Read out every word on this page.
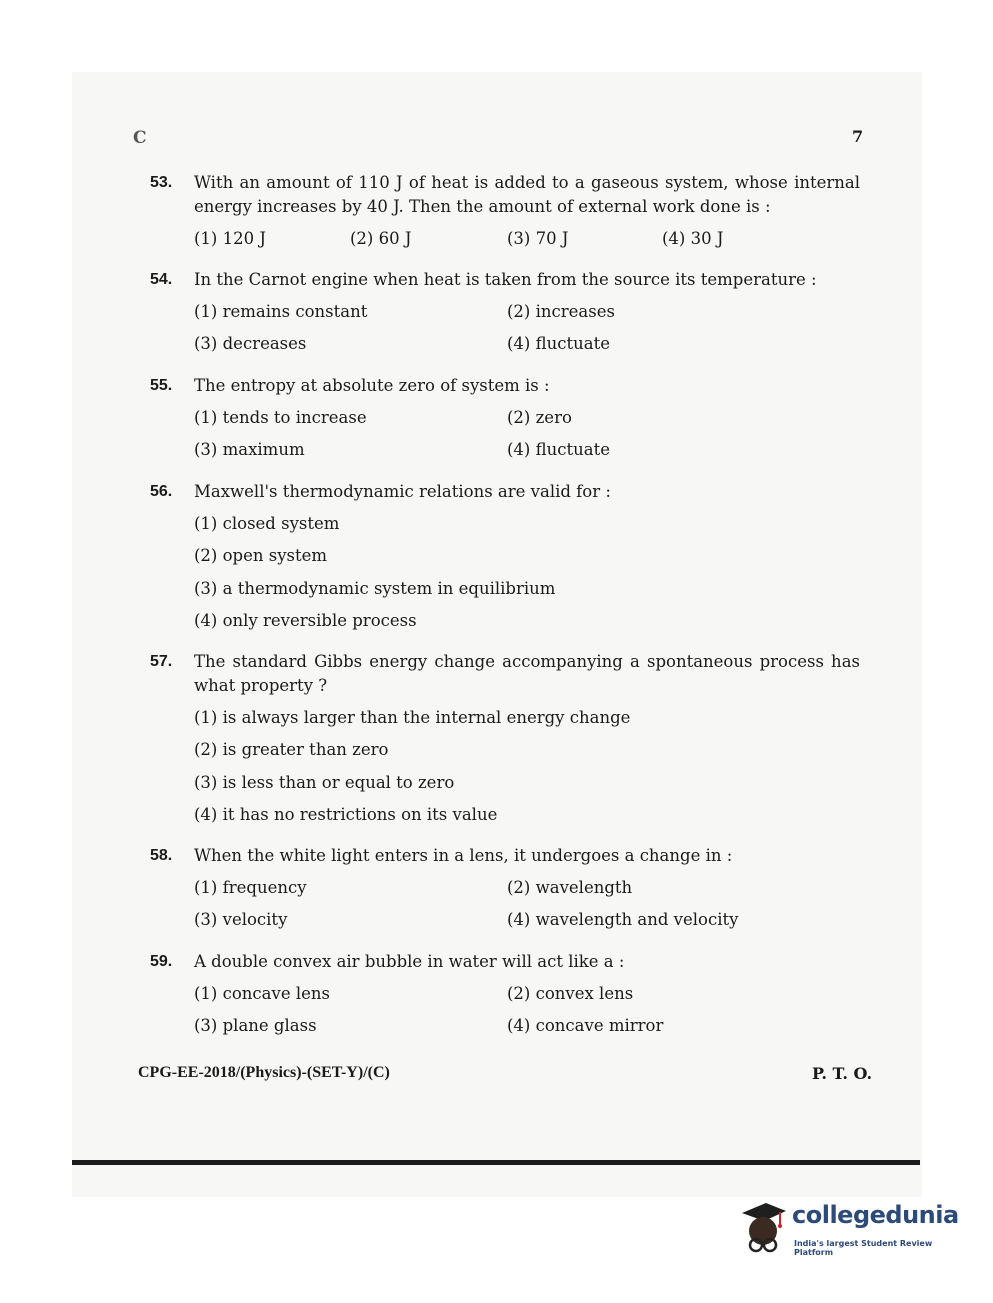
C	7
53. With an amount of 110 J of heat is added to a gaseous system, whose internal energy increases by 40 J. Then the amount of external work done is :
(1) 120 J	(2) 60 J	(3) 70 J	(4) 30 J
54. In the Carnot engine when heat is taken from the source its temperature :
(1) remains constant	(2) increases
(3) decreases	(4) fluctuate
55. The entropy at absolute zero of system is :
(1) tends to increase	(2) zero
(3) maximum	(4) fluctuate
56. Maxwell's thermodynamic relations are valid for :
(1) closed system
(2) open system
(3) a thermodynamic system in equilibrium
(4) only reversible process
57. The standard Gibbs energy change accompanying a spontaneous process has what property ?
(1) is always larger than the internal energy change
(2) is greater than zero
(3) is less than or equal to zero
(4) it has no restrictions on its value
58. When the white light enters in a lens, it undergoes a change in :
(1) frequency	(2) wavelength
(3) velocity	(4) wavelength and velocity
59. A double convex air bubble in water will act like a :
(1) concave lens	(2) convex lens
(3) plane glass	(4) concave mirror
CPG-EE-2018/(Physics)-(SET-Y)/(C)	P. T. O.
collegedunia
India's largest Student Review Platform
